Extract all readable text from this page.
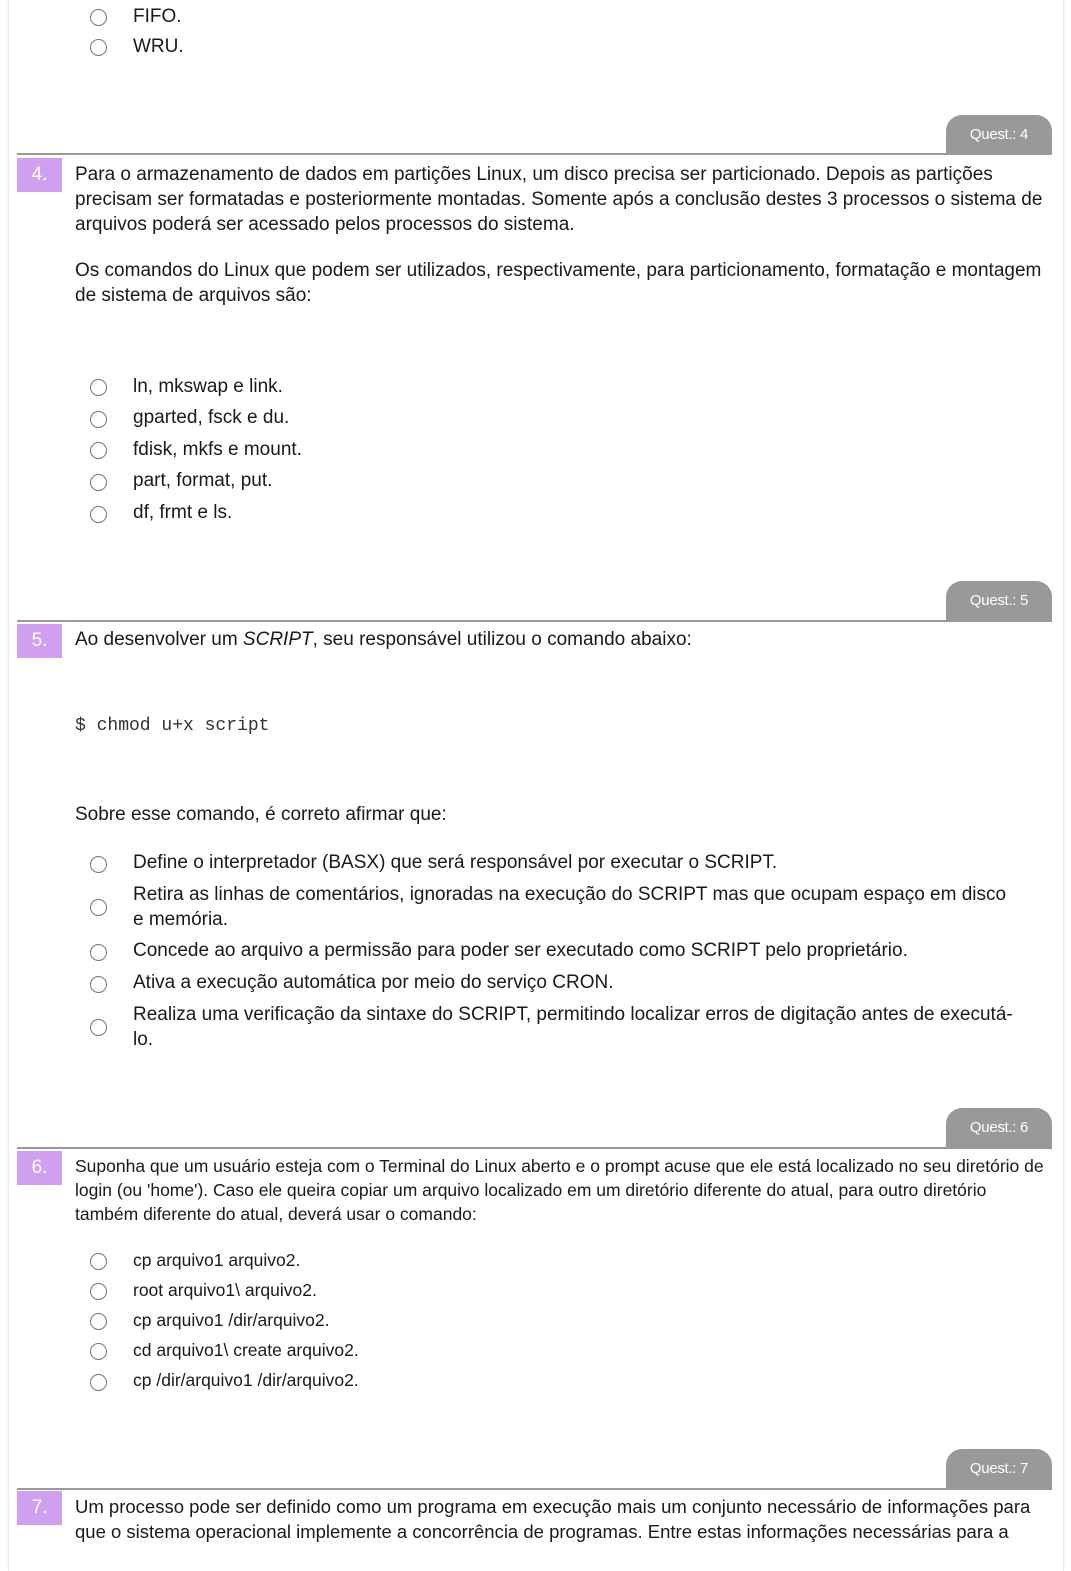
FIFO.
WRU.
Quest.: 4
4.	Para o armazenamento de dados em partições Linux, um disco precisa ser particionado. Depois as partições precisam ser formatadas e posteriormente montadas. Somente após a conclusão destes 3 processos o sistema de arquivos poderá ser acessado pelos processos do sistema.
Os comandos do Linux que podem ser utilizados, respectivamente, para particionamento, formatação e montagem de sistema de arquivos são:
ln, mkswap e link.
gparted, fsck e du.
fdisk, mkfs e mount.
part, format, put.
df, frmt e ls.
Quest.: 5
5.	Ao desenvolver um SCRIPT, seu responsável utilizou o comando abaixo:
$ chmod u+x script
Sobre esse comando, é correto afirmar que:
Define o interpretador (BASX) que será responsável por executar o SCRIPT.
Retira as linhas de comentários, ignoradas na execução do SCRIPT mas que ocupam espaço em disco e memória.
Concede ao arquivo a permissão para poder ser executado como SCRIPT pelo proprietário.
Ativa a execução automática por meio do serviço CRON.
Realiza uma verificação da sintaxe do SCRIPT, permitindo localizar erros de digitação antes de executá-lo.
Quest.: 6
6.	Suponha que um usuário esteja com o Terminal do Linux aberto e o prompt acuse que ele está localizado no seu diretório de login (ou 'home'). Caso ele queira copiar um arquivo localizado em um diretório diferente do atual, para outro diretório também diferente do atual, deverá usar o comando:
cp arquivo1 arquivo2.
root arquivo1\ arquivo2.
cp arquivo1 /dir/arquivo2.
cd arquivo1\ create arquivo2.
cp /dir/arquivo1 /dir/arquivo2.
Quest.: 7
7.	Um processo pode ser definido como um programa em execução mais um conjunto necessário de informações para que o sistema operacional implemente a concorrência de programas. Entre estas informações necessárias para a
